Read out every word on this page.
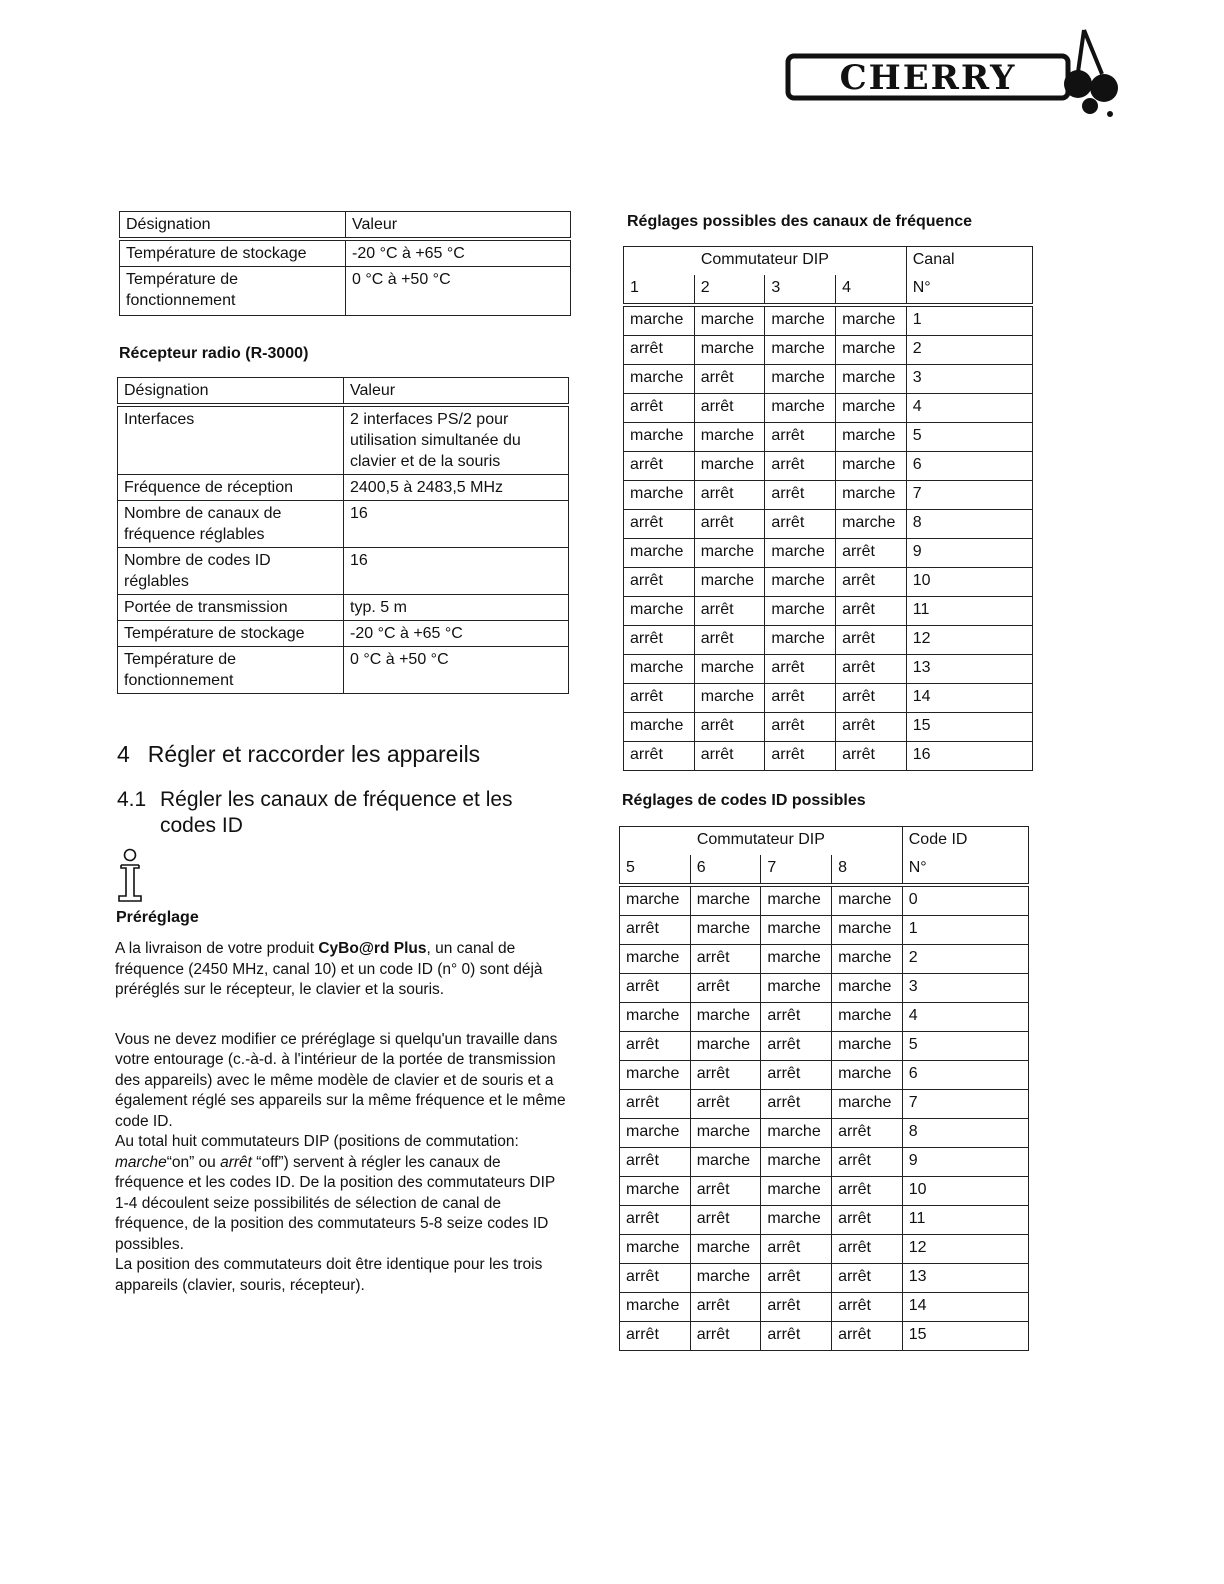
CHERRY
Désignation	Valeur
Température de stockage	-20 °C à +65 °C
Température de fonctionnement	0 °C à +50 °C
Récepteur radio (R-3000)
Désignation	Valeur
Interfaces	2 interfaces PS/2 pour utilisation simultanée du clavier et de la souris
Fréquence de réception	2400,5 à 2483,5 MHz
Nombre de canaux de fréquence réglables	16
Nombre de codes ID réglables	16
Portée de transmission	typ. 5 m
Température de stockage	-20 °C à +65 °C
Température de fonctionnement	0 °C à +50 °C
4 Régler et raccorder les appareils
4.1 Régler les canaux de fréquence et les codes ID
Préréglage

A la livraison de votre produit CyBo@rd Plus, un canal de fréquence (2450 MHz, canal 10) et un code ID (n° 0) sont déjà préréglés sur le récepteur, le clavier et la souris.

Vous ne devez modifier ce préréglage si quelqu'un travaille dans votre entourage (c.-à-d. à l'intérieur de la portée de transmission des appareils) avec le même modèle de clavier et de souris et a également réglé ses appareils sur la même fréquence et le même code ID.

Au total huit commutateurs DIP (positions de commutation: marche“on” ou arrêt “off”) servent à régler les canaux de fréquence et les codes ID. De la position des commutateurs DIP 1-4 découlent seize possibilités de sélection de canal de fréquence, de la position des commutateurs 5-8 seize codes ID possibles.

La position des commutateurs doit être identique pour les trois appareils (clavier, souris, récepteur).

Réglages possibles des canaux de fréquence
Commutateur DIP				Canal
1	2	3	4	N°
marche	marche	marche	marche	1
arrêt	marche	marche	marche	2
marche	arrêt	marche	marche	3
arrêt	arrêt	marche	marche	4
marche	marche	arrêt	marche	5
arrêt	marche	arrêt	marche	6
marche	arrêt	arrêt	marche	7
arrêt	arrêt	arrêt	marche	8
marche	marche	marche	arrêt	9
arrêt	marche	marche	arrêt	10
marche	arrêt	marche	arrêt	11
arrêt	arrêt	marche	arrêt	12
marche	marche	arrêt	arrêt	13
arrêt	marche	arrêt	arrêt	14
marche	arrêt	arrêt	arrêt	15
arrêt	arrêt	arrêt	arrêt	16
Réglages de codes ID possibles
Commutateur DIP				Code ID
5	6	7	8	N°
marche	marche	marche	marche	0
arrêt	marche	marche	marche	1
marche	arrêt	marche	marche	2
arrêt	arrêt	marche	marche	3
marche	marche	arrêt	marche	4
arrêt	marche	arrêt	marche	5
marche	arrêt	arrêt	marche	6
arrêt	arrêt	arrêt	marche	7
marche	marche	marche	arrêt	8
arrêt	marche	marche	arrêt	9
marche	arrêt	marche	arrêt	10
arrêt	arrêt	marche	arrêt	11
marche	marche	arrêt	arrêt	12
arrêt	marche	arrêt	arrêt	13
marche	arrêt	arrêt	arrêt	14
arrêt	arrêt	arrêt	arrêt	15
